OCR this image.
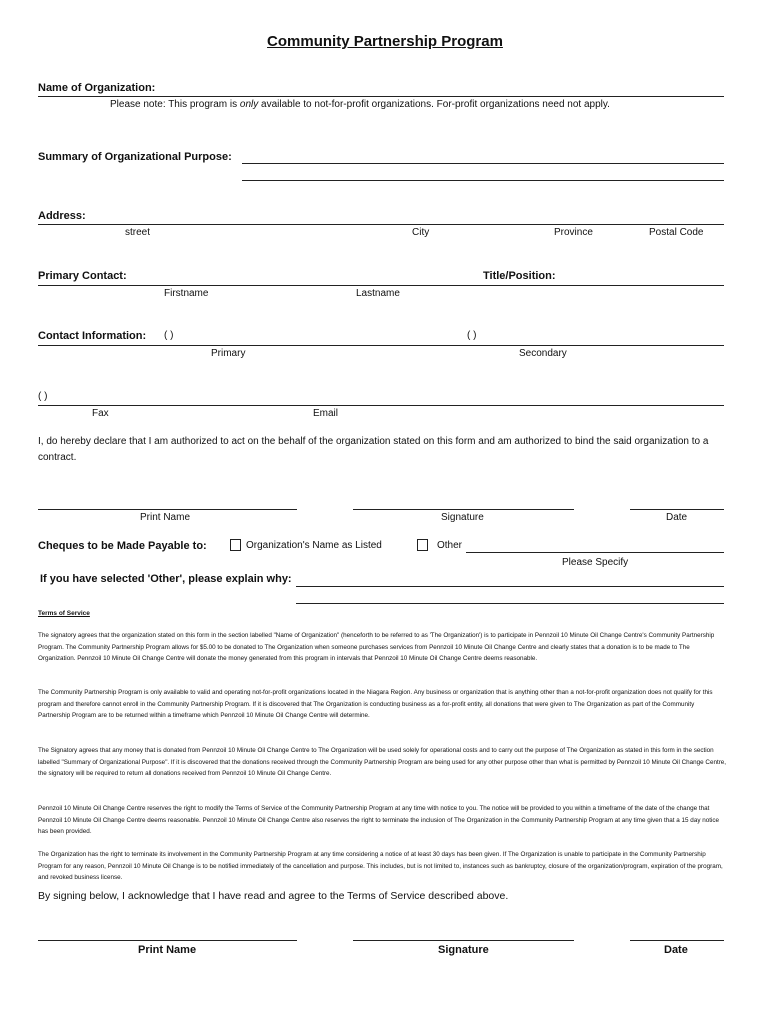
Community Partnership Program
Name of Organization:
Please note: This program is only available to not-for-profit organizations. For-profit organizations need not apply.
Summary of Organizational Purpose:
Address:
street	City	Province	Postal Code
Primary Contact:	Title/Position:
Firstname	Lastname
Contact Information: ( )	( )
Primary	Secondary
( )
Fax	Email
I, do hereby declare that I am authorized to act on the behalf of the organization stated on this form and am authorized to bind the said organization to a contract.
Print Name	Signature	Date
Cheques to be Made Payable to:	Organization's Name as Listed	Other
Please Specify
If you have selected 'Other', please explain why:
Terms of Service
The signatory agrees that the organization stated on this form in the section labelled "Name of Organization" (henceforth to be referred to as 'The Organization') is to participate in Pennzoil 10 Minute Oil Change Centre's Community Partnership Program. The Community Partnership Program allows for $5.00 to be donated to The Organization when someone purchases services from Pennzoil 10 Minute Oil Change Centre and clearly states that a donation is to be made to The Organization. Pennzoil 10 Minute Oil Change Centre will donate the money generated from this program in intervals that Pennzoil 10 Minute Oil Change Centre deems reasonable.
The Community Partnership Program is only available to valid and operating not-for-profit organizations located in the Niagara Region. Any business or organization that is anything other than a not-for-profit organization does not qualify for this program and therefore cannot enroll in the Community Partnership Program. If it is discovered that The Organization is conducting business as a for-profit entity, all donations that were given to The Organization as part of the Community Partnership Program are to be returned within a timeframe which Pennzoil 10 Minute Oil Change Centre will determine.
The Signatory agrees that any money that is donated from Pennzoil 10 Minute Oil Change Centre to The Organization will be used solely for operational costs and to carry out the purpose of The Organization as stated in this form in the section labelled "Summary of Organizational Purpose". If it is discovered that the donations received through the Community Partnership Program are being used for any other purpose other than what is permitted by Pennzoil 10 Minute Oil Change Centre, the signatory will be required to return all donations received from Pennzoil 10 Minute Oil Change Centre.
Pennzoil 10 Minute Oil Change Centre reserves the right to modify the Terms of Service of the Community Partnership Program at any time with notice to you. The notice will be provided to you within a timeframe of the date of the change that Pennzoil 10 Minute Oil Change Centre deems reasonable. Pennzoil 10 Minute Oil Change Centre also reserves the right to terminate the inclusion of The Organization in the Community Partnership Program at any time given that a 15 day notice has been provided.
The Organization has the right to terminate its involvement in the Community Partnership Program at any time considering a notice of at least 30 days has been given. If The Organization is unable to participate in the Community Partnership Program for any reason, Pennzoil 10 Minute Oil Change is to be notified immediately of the cancellation and purpose. This includes, but is not limited to, instances such as bankruptcy, closure of the organization/program, expiration of the program, and revoked business license.
By signing below, I acknowledge that I have read and agree to the Terms of Service described above.
Print Name	Signature	Date
